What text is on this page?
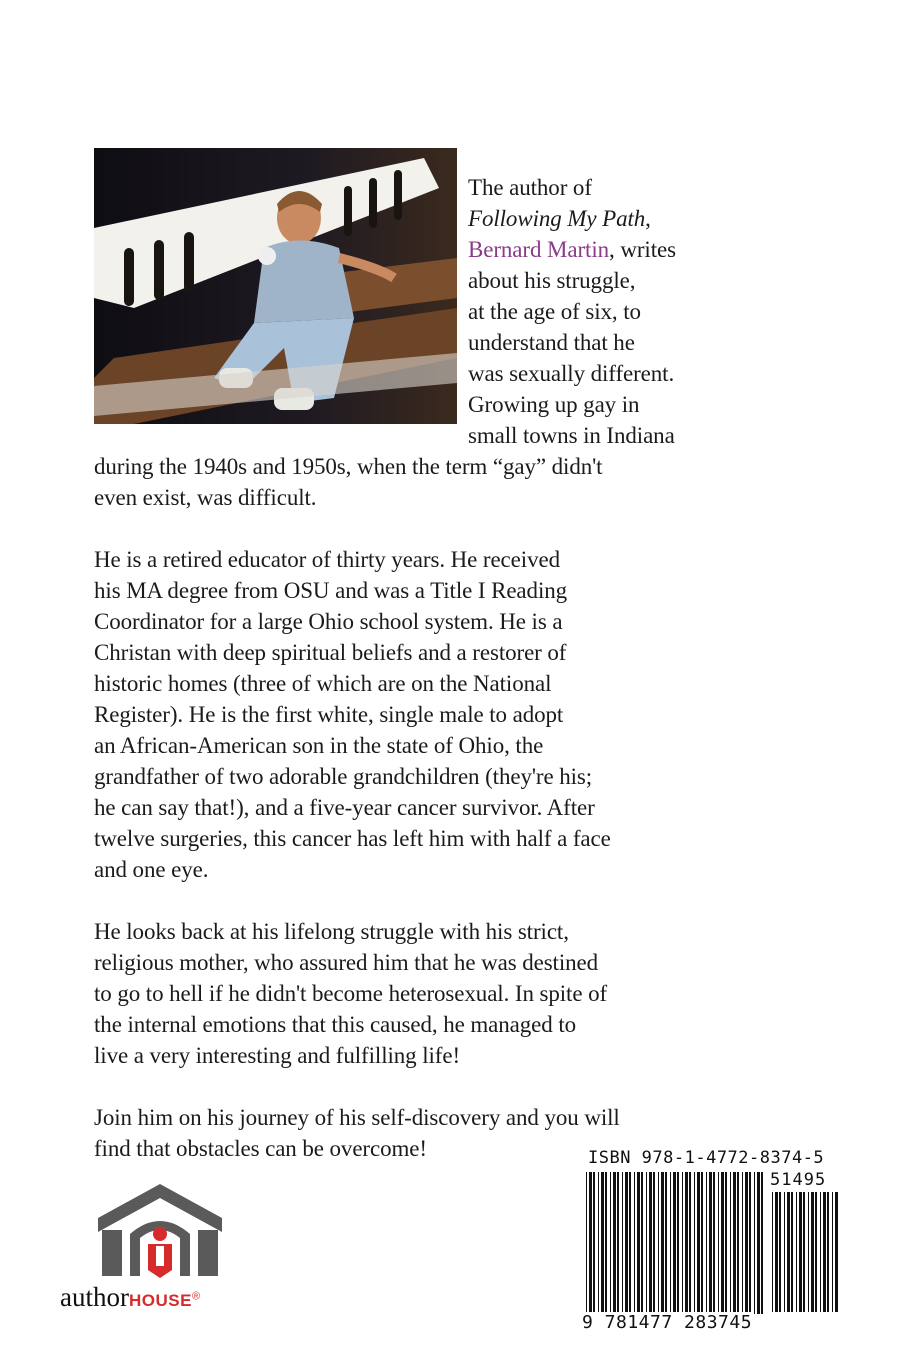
The author of
Following My Path,
Bernard Martin, writes
about his struggle,
at the age of six, to
understand that he
was sexually different.
Growing up gay in
small towns in Indiana
during the 1940s and 1950s, when the term “gay” didn't
even exist, was difficult.
He is a retired educator of thirty years. He received
his MA degree from OSU and was a Title I Reading
Coordinator for a large Ohio school system. He is a
Christan with deep spiritual beliefs and a restorer of
historic homes (three of which are on the National
Register). He is the first white, single male to adopt
an African-American son in the state of Ohio, the
grandfather of two adorable grandchildren (they're his;
he can say that!), and a five-year cancer survivor. After
twelve surgeries, this cancer has left him with half a face
and one eye.
He looks back at his lifelong struggle with his strict,
religious mother, who assured him that he was destined
to go to hell if he didn't become heterosexual. In spite of
the internal emotions that this caused, he managed to
live a very interesting and fulfilling life!
Join him on his journey of his self-discovery and you will
find that obstacles can be overcome!	ISBN 978-1-4772-8374-5
51495
9 781477 283745
authorHOUSE®
